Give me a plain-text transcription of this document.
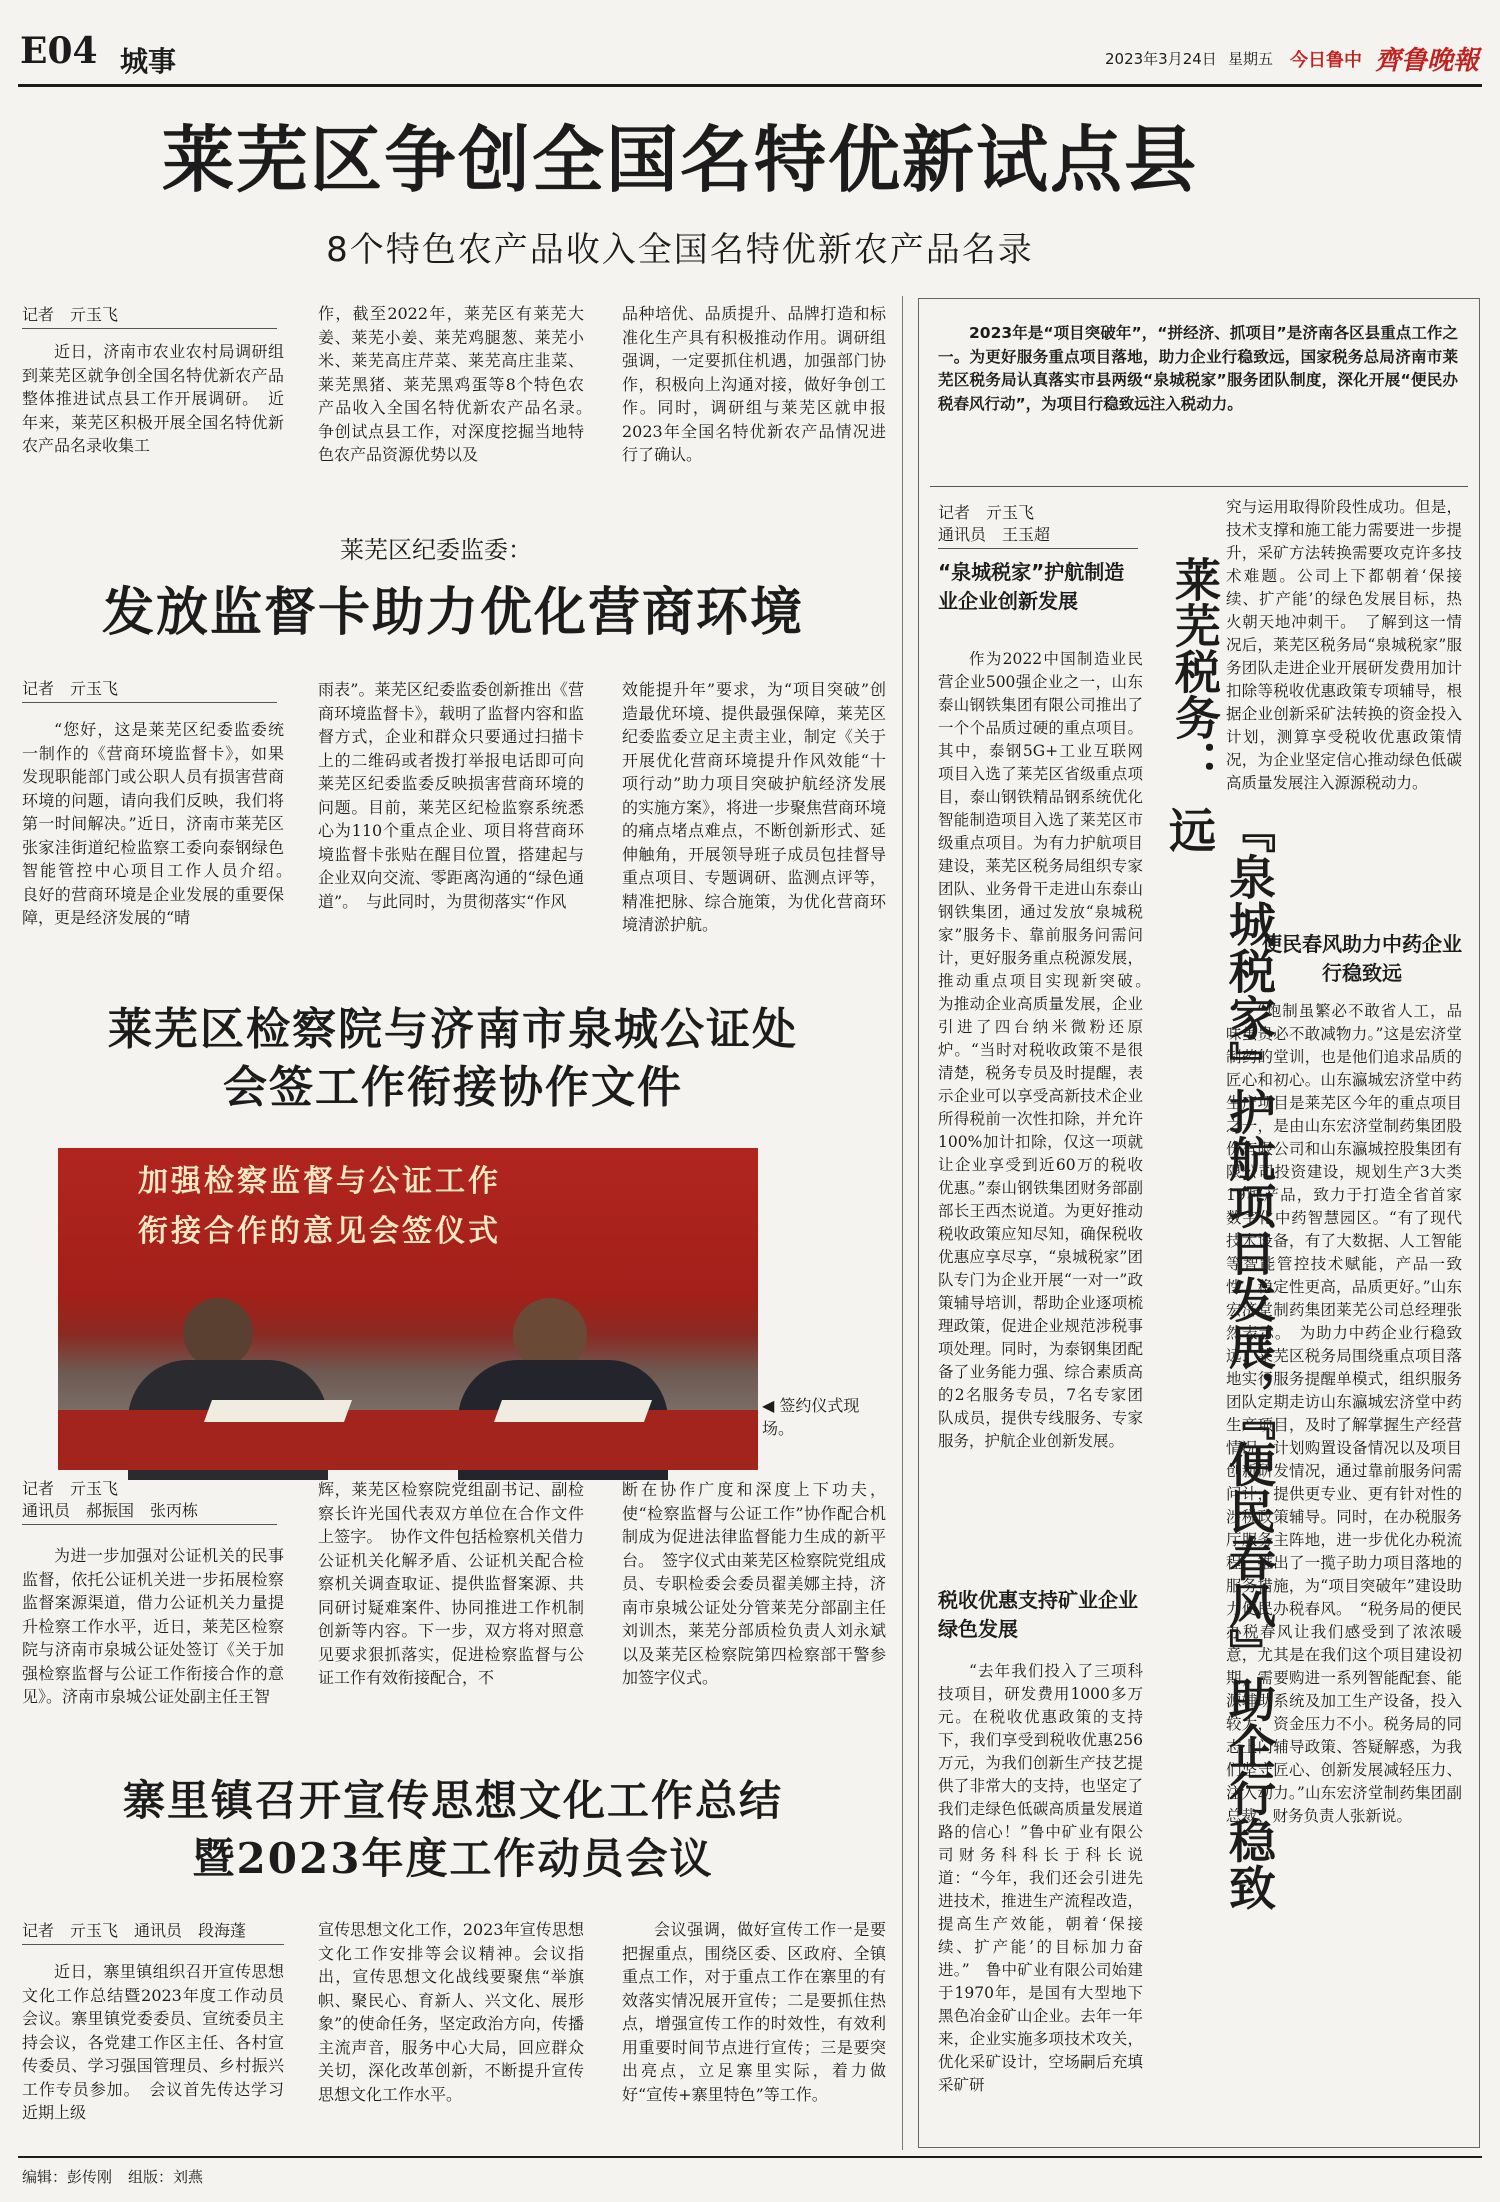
E04 城事	2023年3月24日 星期五 今日鲁中 齊鲁晚報
莱芜区争创全国名特优新试点县
8个特色农产品收入全国名特优新农产品名录
记者　亓玉飞

近日，济南市农业农村局调研组到莱芜区就争创全国名特优新农产品整体推进试点县工作开展调研。　近年来，莱芜区积极开展全国名特优新农产品名录收集工

作，截至2022年，莱芜区有莱芜大姜、莱芜小姜、莱芜鸡腿葱、莱芜小米、莱芜高庄芹菜、莱芜高庄韭菜、莱芜黑猪、莱芜黑鸡蛋等8个特色农产品收入全国名特优新农产品名录。　争创试点县工作，对深度挖掘当地特色农产品资源优势以及

品种培优、品质提升、品牌打造和标准化生产具有积极推动作用。调研组强调，一定要抓住机遇，加强部门协作，积极向上沟通对接，做好争创工作。同时，调研组与莱芜区就申报2023年全国名特优新农产品情况进行了确认。

莱芜区纪委监委：
发放监督卡助力优化营商环境
记者　亓玉飞

“您好，这是莱芜区纪委监委统一制作的《营商环境监督卡》，如果发现职能部门或公职人员有损害营商环境的问题，请向我们反映，我们将第一时间解决。”近日，济南市莱芜区张家洼街道纪检监察工委向泰钢绿色智能管控中心项目工作人员介绍。　良好的营商环境是企业发展的重要保障，更是经济发展的“晴

雨表”。莱芜区纪委监委创新推出《营商环境监督卡》，载明了监督内容和监督方式，企业和群众只要通过扫描卡上的二维码或者拨打举报电话即可向莱芜区纪委监委反映损害营商环境的问题。目前，莱芜区纪检监察系统悉心为110个重点企业、项目将营商环境监督卡张贴在醒目位置，搭建起与企业双向交流、零距离沟通的“绿色通道”。　与此同时，为贯彻落实“作风

效能提升年”要求，为“项目突破”创造最优环境、提供最强保障，莱芜区纪委监委立足主责主业，制定《关于开展优化营商环境提升作风效能“十项行动”助力项目突破护航经济发展的实施方案》，将进一步聚焦营商环境的痛点堵点难点，不断创新形式、延伸触角，开展领导班子成员包挂督导重点项目、专题调研、监测点评等，精准把脉、综合施策，为优化营商环境清淤护航。

莱芜区检察院与济南市泉城公证处
会签工作衔接协作文件
加强检察监督与公证工作
衔接合作的意见会签仪式
◀ 签约仪式现场。
记者　亓玉飞
通讯员　郝振国　张丙栋

为进一步加强对公证机关的民事监督，依托公证机关进一步拓展检察监督案源渠道，借力公证机关力量提升检察工作水平，近日，莱芜区检察院与济南市泉城公证处签订《关于加强检察监督与公证工作衔接合作的意见》。济南市泉城公证处副主任王智

辉，莱芜区检察院党组副书记、副检察长许光国代表双方单位在合作文件上签字。　协作文件包括检察机关借力公证机关化解矛盾、公证机关配合检察机关调查取证、提供监督案源、共同研讨疑难案件、协同推进工作机制创新等内容。下一步，双方将对照意见要求狠抓落实，促进检察监督与公证工作有效衔接配合，不

断在协作广度和深度上下功夫，使“检察监督与公证工作”协作配合机制成为促进法律监督能力生成的新平台。　签字仪式由莱芜区检察院党组成员、专职检委会委员翟美娜主持，济南市泉城公证处分管莱芜分部副主任刘训杰，莱芜分部质检负责人刘永斌以及莱芜区检察院第四检察部干警参加签字仪式。

寨里镇召开宣传思想文化工作总结
暨2023年度工作动员会议
记者　亓玉飞　通讯员　段海蓬

近日，寨里镇组织召开宣传思想文化工作总结暨2023年度工作动员会议。寨里镇党委委员、宣统委员主持会议，各党建工作区主任、各村宣传委员、学习强国管理员、乡村振兴工作专员参加。　会议首先传达学习近期上级

宣传思想文化工作，2023年宣传思想文化工作安排等会议精神。会议指出，宣传思想文化战线要聚焦“举旗帜、聚民心、育新人、兴文化、展形象”的使命任务，坚定政治方向，传播主流声音，服务中心大局，回应群众关切，深化改革创新，不断提升宣传思想文化工作水平。

会议强调，做好宣传工作一是要把握重点，围绕区委、区政府、全镇重点工作，对于重点工作在寨里的有效落实情况展开宣传；二是要抓住热点，增强宣传工作的时效性，有效利用重要时间节点进行宣传；三是要突出亮点，立足寨里实际，着力做好“宣传+寨里特色”等工作。

2023年是“项目突破年”，“拼经济、抓项目”是济南各区县重点工作之一。为更好服务重点项目落地，助力企业行稳致远，国家税务总局济南市莱芜区税务局认真落实市县两级“泉城税家”服务团队制度，深化开展“便民办税春风行动”，为项目行稳致远注入税动力。

记者　亓玉飞
通讯员　王玉超
“泉城税家”护航制造业企业创新发展

作为2022中国制造业民营企业500强企业之一，山东泰山钢铁集团有限公司推出了一个个品质过硬的重点项目。其中，泰钢5G+工业互联网项目入选了莱芜区省级重点项目，泰山钢铁精品钢系统优化智能制造项目入选了莱芜区市级重点项目。为有力护航项目建设，莱芜区税务局组织专家团队、业务骨干走进山东泰山钢铁集团，通过发放“泉城税家”服务卡、靠前服务问需问计，更好服务重点税源发展，推动重点项目实现新突破。　为推动企业高质量发展，企业引进了四台纳米微粉还原炉。“当时对税收政策不是很清楚，税务专员及时提醒，表示企业可以享受高新技术企业所得税前一次性扣除，并允许100%加计扣除，仅这一项就让企业享受到近60万的税收优惠。”泰山钢铁集团财务部副部长王西杰说道。为更好推动税收政策应知尽知，确保税收优惠应享尽享，“泉城税家”团队专门为企业开展“一对一”政策辅导培训，帮助企业逐项梳理政策，促进企业规范涉税事项处理。同时，为泰钢集团配备了业务能力强、综合素质高的2名服务专员，7名专家团队成员，提供专线服务、专家服务，护航企业创新发展。

税收优惠支持矿业企业绿色发展

“去年我们投入了三项科技项目，研发费用1000多万元。在税收优惠政策的支持下，我们享受到税收优惠256万元，为我们创新生产技艺提供了非常大的支持，也坚定了我们走绿色低碳高质量发展道路的信心！”鲁中矿业有限公司财务科科长于科长说道：“今年，我们还会引进先进技术，推进生产流程改造，提高生产效能，朝着‘保接续、扩产能’的目标加力奋进。”　鲁中矿业有限公司始建于1970年，是国有大型地下黑色冶金矿山企业。去年一年来，企业实施多项技术攻关，优化采矿设计，空场嗣后充填采矿研

莱芜税务：
『泉城税家』护航项目发展，『便民春风』助企行稳致远

究与运用取得阶段性成功。但是，技术支撑和施工能力需要进一步提升，采矿方法转换需要攻克许多技术难题。公司上下都朝着‘保接续、扩产能’的绿色发展目标，热火朝天地冲刺干。　了解到这一情况后，莱芜区税务局“泉城税家”服务团队走进企业开展研发费用加计扣除等税收优惠政策专项辅导，根据企业创新采矿法转换的资金投入计划，测算享受税收优惠政策情况，为企业坚定信心推动绿色低碳高质量发展注入源源税动力。

便民春风助力中药企业行稳致远

“炮制虽繁必不敢省人工，品味虽贵必不敢减物力。”这是宏济堂制药的堂训，也是他们追求品质的匠心和初心。山东瀛城宏济堂中药生产项目是莱芜区今年的重点项目之一，是由山东宏济堂制药集团股份有限公司和山东瀛城控股集团有限公司投资建设，规划生产3大类19种产品，致力于打造全省首家数字化中药智慧园区。“有了现代技术设备，有了大数据、人工智能等智能管控技术赋能，产品一致性、稳定性更高，品质更好。”山东宏济堂制药集团莱芜公司总经理张然表示。　为助力中药企业行稳致远，莱芜区税务局围绕重点项目落地实行服务提醒单模式，组织服务团队定期走访山东瀛城宏济堂中药生产项目，及时了解掌握生产经营情况，计划购置设备情况以及项目创新研发情况，通过靠前服务问需问计，提供更专业、更有针对性的涉税政策辅导。同时，在办税服务厅服务主阵地，进一步优化办税流程，推出了一揽子助力项目落地的服务措施，为“项目突破年”建设助力便民办税春风。　“税务局的便民办税春风让我们感受到了浓浓暖意，尤其是在我们这个项目建设初期，需要购进一系列智能配套、能源辅助系统及加工生产设备，投入较大，资金压力不小。税务局的同志上门辅导政策、答疑解惑，为我们坚守匠心、创新发展减轻压力、注入动力。”山东宏济堂制药集团副总裁、财务负责人张新说。

编辑：彭传刚 组版：刘燕
